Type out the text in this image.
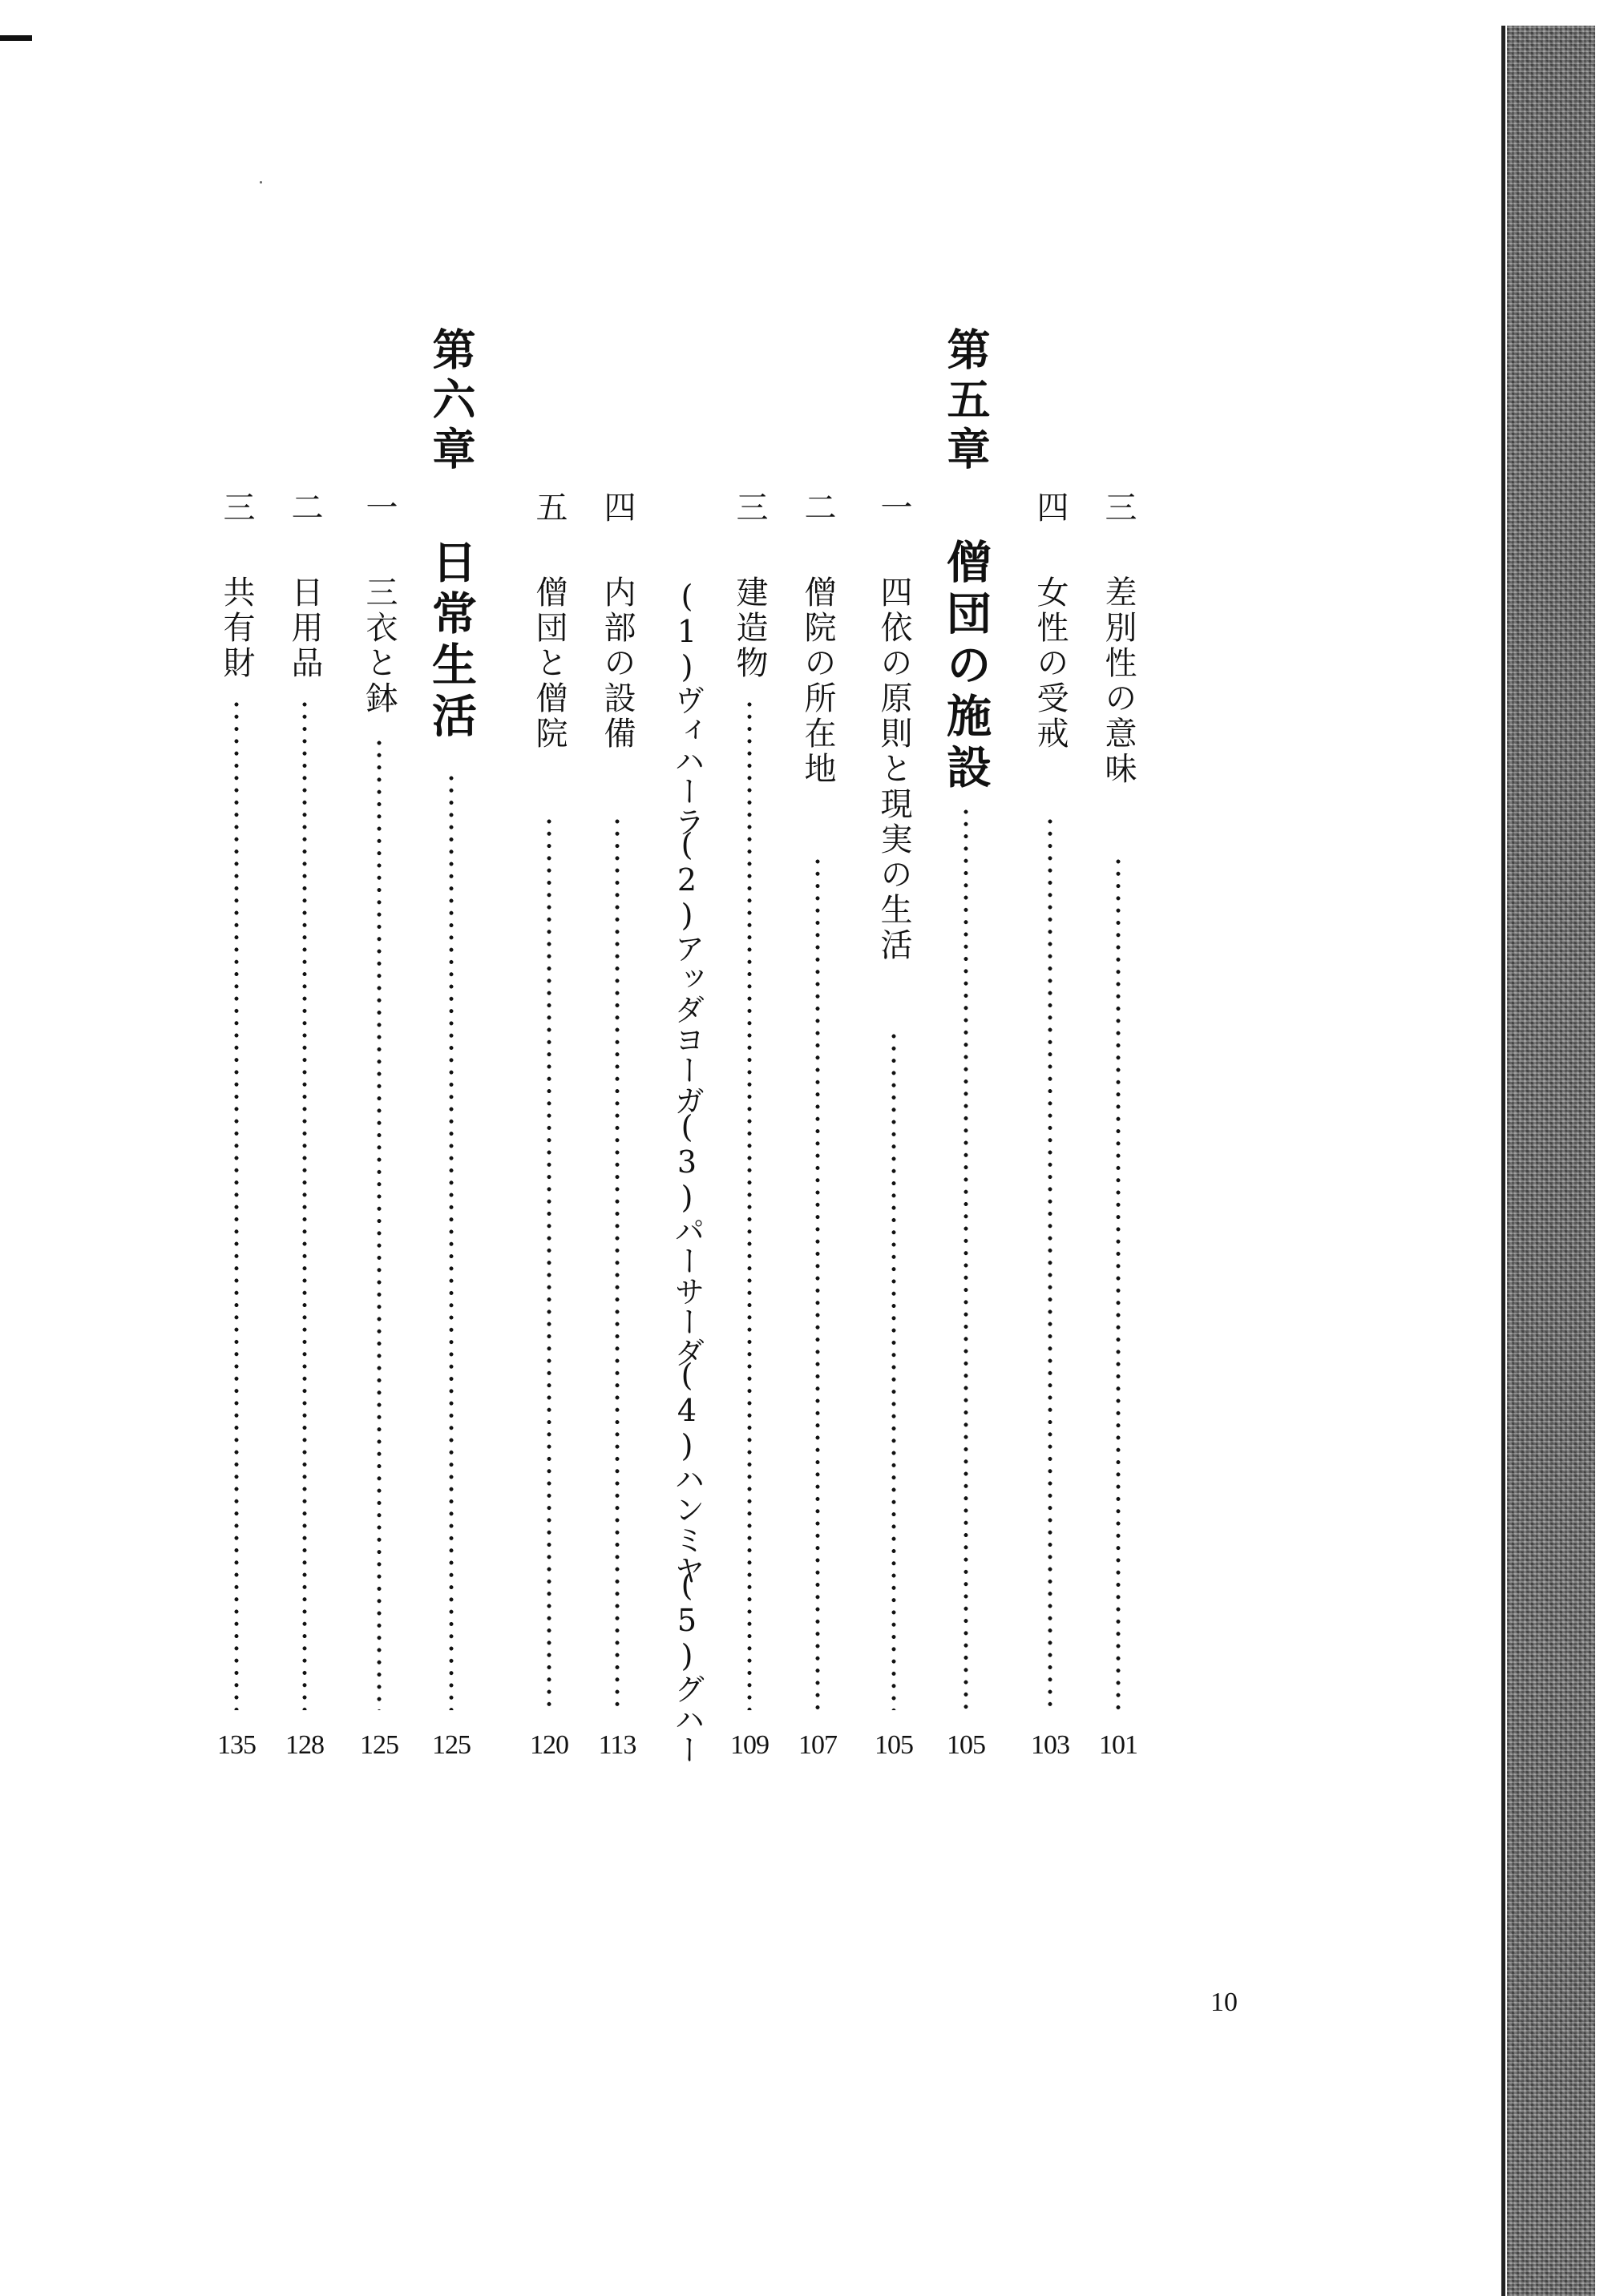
三
差別性の意味
101
四
女性の受戒
103
第五章
僧団の施設
105
一
四依の原則と現実の生活
105
二
僧院の所在地
107
三
建造物
109
(1)ヴィハーラ
(2)アッダヨーガ
(3)パーサーダ
(4)ハンミヤ
(5)グハー
四
内部の設備
113
五
僧団と僧院
120
第六章
日常生活
125
一
三衣と鉢
125
二
日用品
128
三
共有財
135
10
